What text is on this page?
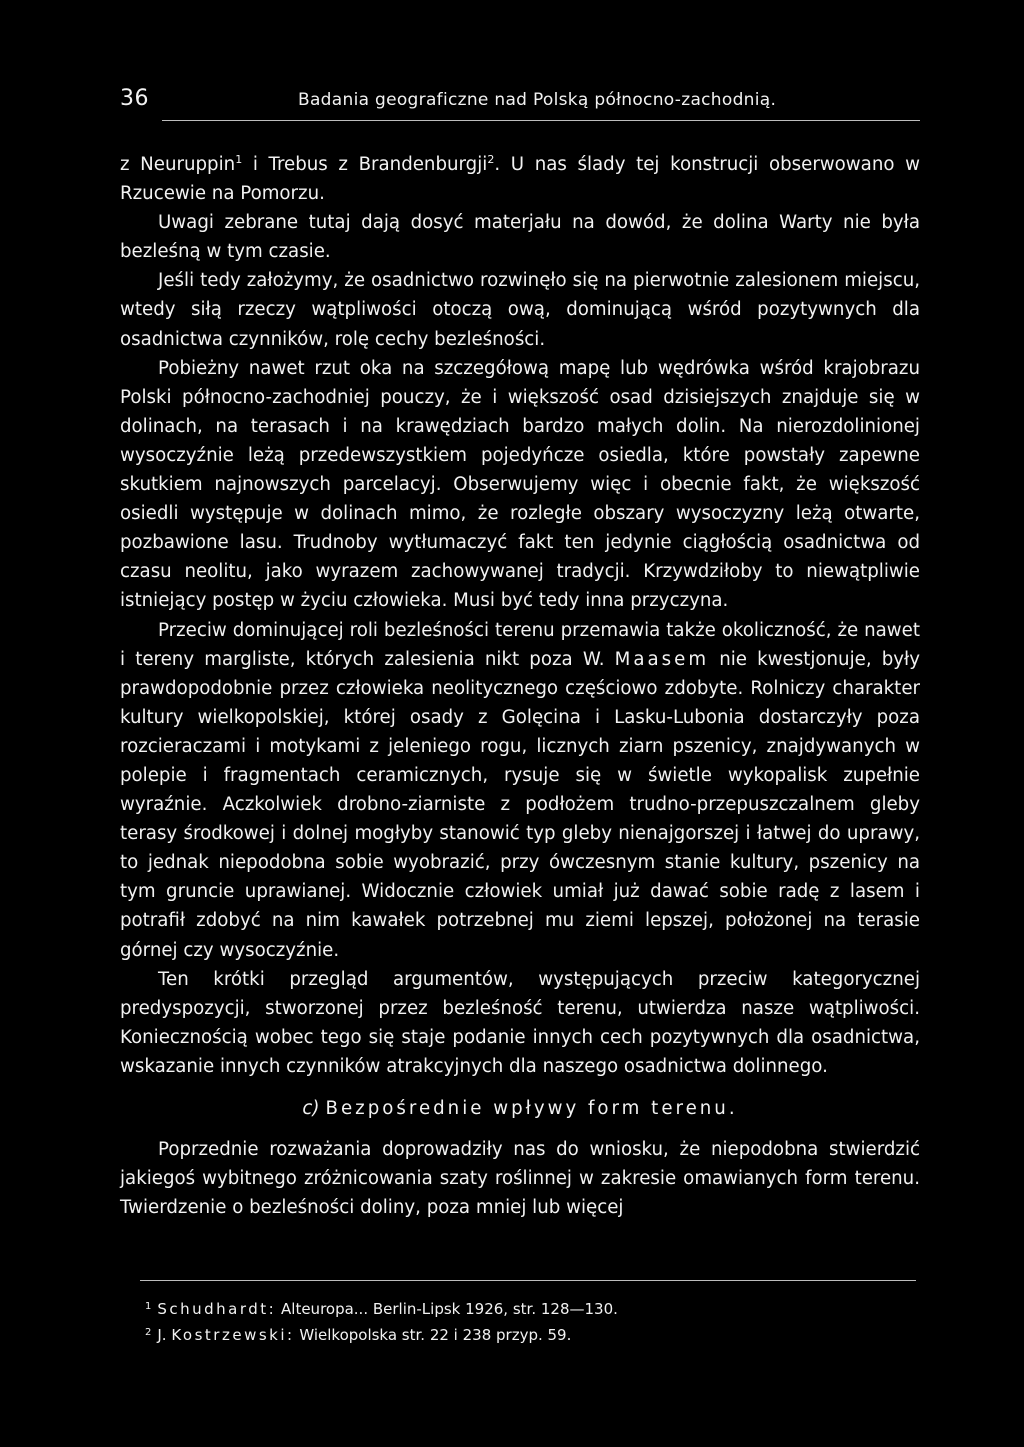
36	Badania geograficzne nad Polską północno-zachodnią.

z Neuruppin$^1$ i Trebus z Brandenburgji$^2$. U nas ślady tej konstrucji obserwowano w Rzucewie na Pomorzu.

Uwagi zebrane tutaj dają dosyć materjału na dowód, że dolina Warty nie była bezleśną w tym czasie.

Jeśli tedy założymy, że osadnictwo rozwinęło się na pierwotnie zalesionem miejscu, wtedy siłą rzeczy wątpliwości otoczą ową, dominującą wśród pozytywnych dla osadnictwa czynników, rolę cechy bezleśności.

Pobieżny nawet rzut oka na szczegółową mapę lub wędrówka wśród krajobrazu Polski północno-zachodniej pouczy, że i większość osad dzisiejszych znajduje się w dolinach, na terasach i na krawędziach bardzo małych dolin. Na nierozdolinionej wysoczyźnie leżą przedewszystkiem pojedyńcze osiedla, które powstały zapewne skutkiem najnowszych parcelacyj. Obserwujemy więc i obecnie fakt, że większość osiedli występuje w dolinach mimo, że rozległe obszary wysoczyzny leżą otwarte, pozbawione lasu. Trudnoby wytłumaczyć fakt ten jedynie ciągłością osadnictwa od czasu neolitu, jako wyrazem zachowywanej tradycji. Krzywdziłoby to niewątpliwie istniejący postęp w życiu człowieka. Musi być tedy inna przyczyna.

Przeciw dominującej roli bezleśności terenu przemawia także okoliczność, że nawet i tereny margliste, których zalesienia nikt poza W. Maasem nie kwestjonuje, były prawdopodobnie przez człowieka neolitycznego częściowo zdobyte. Rolniczy charakter kultury wielkopolskiej, której osady z Golęcina i Lasku-Lubonia dostarczyły poza rozcieraczami i motykami z jeleniego rogu, licznych ziarn pszenicy, znajdywanych w polepie i fragmentach ceramicznych, rysuje się w świetle wykopalisk zupełnie wyraźnie. Aczkolwiek drobno-ziarniste z podłożem trudno-przepuszczalnem gleby terasy środkowej i dolnej mogłyby stanowić typ gleby nienajgorszej i łatwej do uprawy, to jednak niepodobna sobie wyobrazić, przy ówczesnym stanie kultury, pszenicy na tym gruncie uprawianej. Widocznie człowiek umiał już dawać sobie radę z lasem i potrafił zdobyć na nim kawałek potrzebnej mu ziemi lepszej, położonej na terasie górnej czy wysoczyźnie.

Ten krótki przegląd argumentów, występujących przeciw kategorycznej predyspozycji, stworzonej przez bezleśność terenu, utwierdza nasze wątpliwości. Koniecznością wobec tego się staje podanie innych cech pozytywnych dla osadnictwa, wskazanie innych czynników atrakcyjnych dla naszego osadnictwa dolinnego.

c) Bezpośrednie wpływy form terenu.

Poprzednie rozważania doprowadziły nas do wniosku, że niepodobna stwierdzić jakiegoś wybitnego zróżnicowania szaty roślinnej w zakresie omawianych form terenu. Twierdzenie o bezleśności doliny, poza mniej lub więcej

$^1$ Schudhardt: Alteuropa... Berlin-Lipsk 1926, str. 128—130.

$^2$ J. Kostrzewski: Wielkopolska str. 22 i 238 przyp. 59.
